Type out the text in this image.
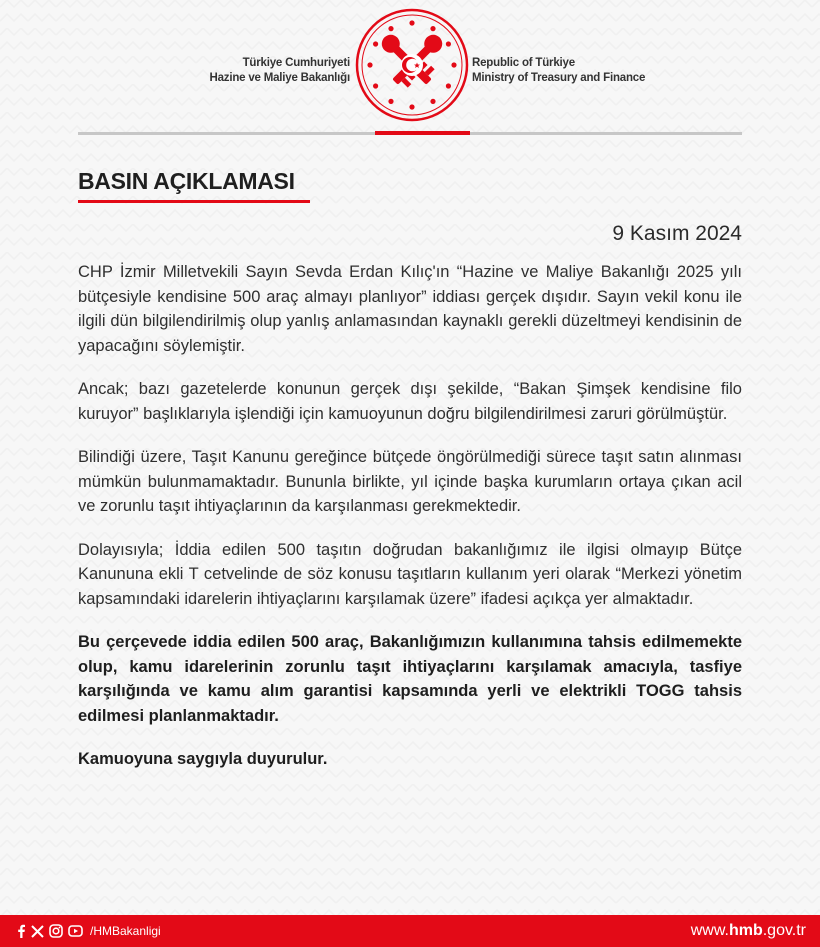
Türkiye Cumhuriyeti
Hazine ve Maliye Bakanlığı
Republic of Türkiye
Ministry of Treasury and Finance
BASIN AÇIKLAMASI
9 Kasım 2024

CHP İzmir Milletvekili Sayın Sevda Erdan Kılıç'ın “Hazine ve Maliye Bakanlığı 2025 yılı bütçesiyle kendisine 500 araç almayı planlıyor” iddiası gerçek dışıdır. Sayın vekil konu ile ilgili dün bilgilendirilmiş olup yanlış anlamasından kaynaklı gerekli düzeltmeyi kendisinin de yapacağını söylemiştir.

Ancak; bazı gazetelerde konunun gerçek dışı şekilde, “Bakan Şimşek kendisine filo kuruyor” başlıklarıyla işlendiği için kamuoyunun doğru bilgilendirilmesi zaruri görülmüştür.

Bilindiği üzere, Taşıt Kanunu gereğince bütçede öngörülmediği sürece taşıt satın alınması mümkün bulunmamaktadır. Bununla birlikte, yıl içinde başka kurumların ortaya çıkan acil ve zorunlu taşıt ihtiyaçlarının da karşılanması gerekmektedir.

Dolayısıyla; İddia edilen 500 taşıtın doğrudan bakanlığımız ile ilgisi olmayıp Bütçe Kanununa ekli T cetvelinde de söz konusu taşıtların kullanım yeri olarak “Merkezi yönetim kapsamındaki idarelerin ihtiyaçlarını karşılamak üzere” ifadesi açıkça yer almaktadır.

Bu çerçevede iddia edilen 500 araç, Bakanlığımızın kullanımına tahsis edilmemekte olup, kamu idarelerinin zorunlu taşıt ihtiyaçlarını karşılamak amacıyla, tasfiye karşılığında ve kamu alım garantisi kapsamında yerli ve elektrikli TOGG tahsis edilmesi planlanmaktadır.

Kamuoyuna saygıyla duyurulur.

/HMBakanligi	www.hmb.gov.tr
